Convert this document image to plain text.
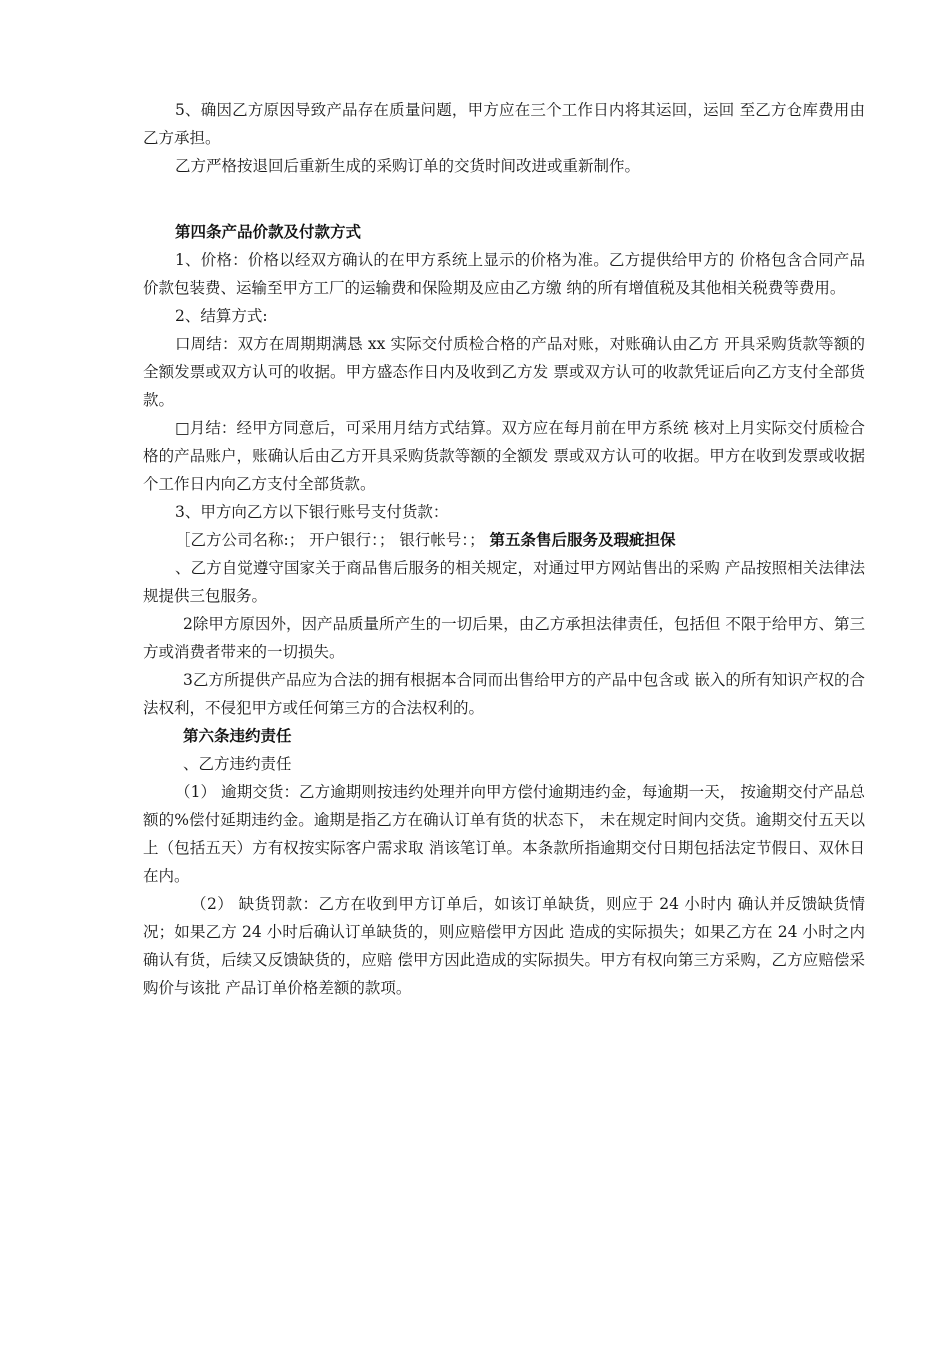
5、确因乙方原因导致产品存在质量问题，甲方应在三个工作日内将其运回，运回 至乙方仓库费用由乙方承担。

乙方严格按退回后重新生成的采购订单的交货时间改进或重新制作。

第四条产品价款及付款方式

1、价格：价格以经双方确认的在甲方系统上显示的价格为准。乙方提供给甲方的 价格包含合同产品价款包装费、运输至甲方工厂的运输费和保险期及应由乙方缴 纳的所有增值税及其他相关税费等费用。

2、结算方式:

口周结：双方在周期期满恳 xx 实际交付质检合格的产品对账，对账确认由乙方 开具采购货款等额的全额发票或双方认可的收据。甲方盛态作日内及收到乙方发 票或双方认可的收款凭证后向乙方支付全部货款。

□月结：经甲方同意后，可采用月结方式结算。双方应在每月前在甲方系统 核对上月实际交付质检合格的产品账户，账确认后由乙方开具采购货款等额的全额发 票或双方认可的收据。甲方在收到发票或收据个工作日内向乙方支付全部货款。

3、甲方向乙方以下银行账号支付货款：

［乙方公司名称:； 开户银行：； 银行帐号：； 第五条售后服务及瑕疵担保

、乙方自觉遵守国家关于商品售后服务的相关规定，对通过甲方网站售出的采购 产品按照相关法律法规提供三包服务。

2除甲方原因外，因产品质量所产生的一切后果，由乙方承担法律责任，包括但 不限于给甲方、第三方或消费者带来的一切损失。

3乙方所提供产品应为合法的拥有根据本合同而出售给甲方的产品中包含或 嵌入的所有知识产权的合法权利，不侵犯甲方或任何第三方的合法权利的。

第六条违约责任

、乙方违约责任

（1） 逾期交货：乙方逾期则按违约处理并向甲方偿付逾期违约金，每逾期一天， 按逾期交付产品总额的%偿付延期违约金。逾期是指乙方在确认订单有货的状态下， 未在规定时间内交货。逾期交付五天以上（包括五天）方有权按实际客户需求取 消该笔订单。本条款所指逾期交付日期包括法定节假日、双休日在内。

（2） 缺货罚款：乙方在收到甲方订单后，如该订单缺货，则应于 24 小时内 确认并反馈缺货情况；如果乙方 24 小时后确认订单缺货的，则应赔偿甲方因此 造成的实际损失；如果乙方在 24 小时之内确认有货，后续又反馈缺货的，应赔 偿甲方因此造成的实际损失。甲方有权向第三方采购，乙方应赔偿采购价与该批 产品订单价格差额的款项。
